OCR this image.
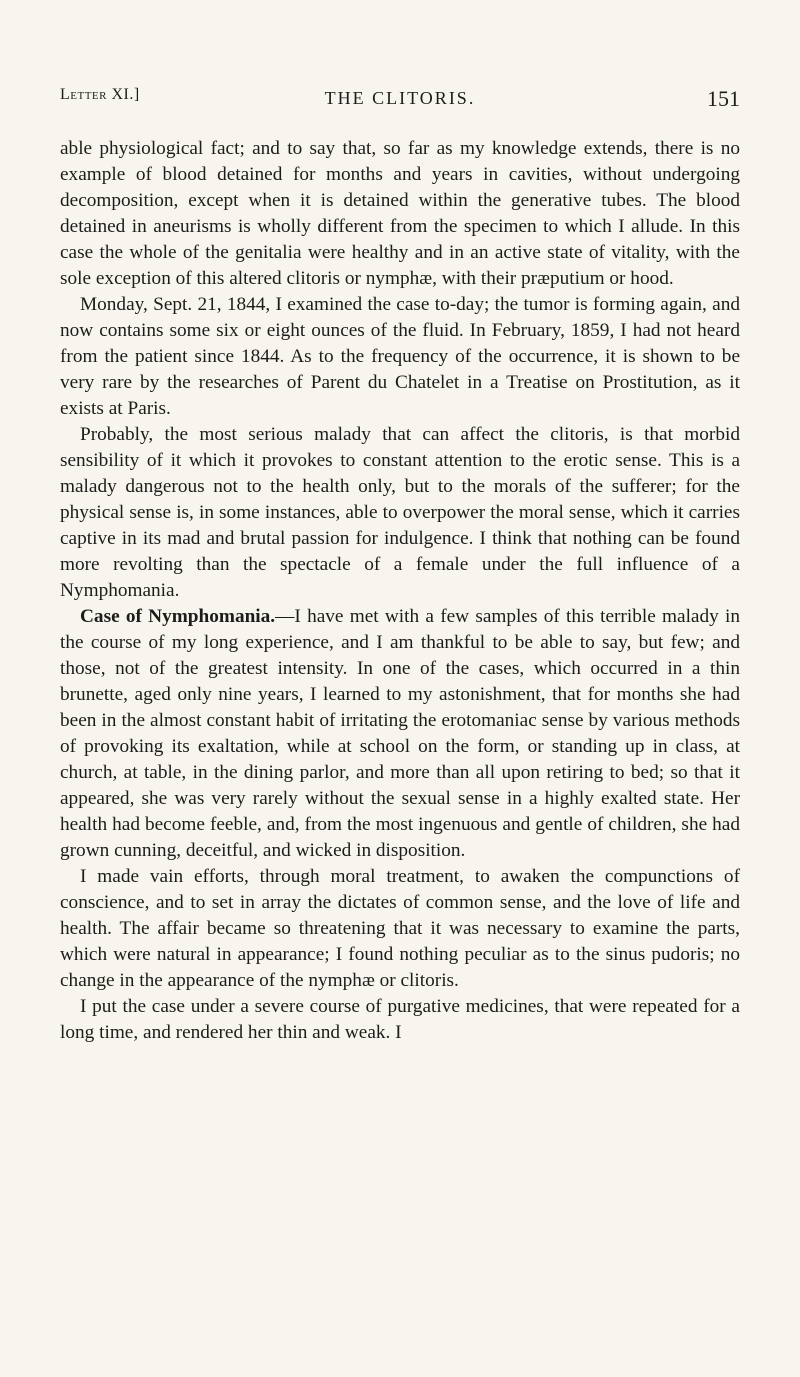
Letter XI.]	THE CLITORIS.	151

able physiological fact; and to say that, so far as my knowledge extends, there is no example of blood detained for months and years in cavities, without undergoing decomposition, except when it is detained within the generative tubes. The blood detained in aneurisms is wholly different from the specimen to which I allude. In this case the whole of the genitalia were healthy and in an active state of vitality, with the sole exception of this altered clitoris or nymphæ, with their præputium or hood.

Monday, Sept. 21, 1844, I examined the case to-day; the tumor is forming again, and now contains some six or eight ounces of the fluid. In February, 1859, I had not heard from the patient since 1844. As to the frequency of the occurrence, it is shown to be very rare by the researches of Parent du Chatelet in a Treatise on Prostitution, as it exists at Paris.

Probably, the most serious malady that can affect the clitoris, is that morbid sensibility of it which it provokes to constant attention to the erotic sense. This is a malady dangerous not to the health only, but to the morals of the sufferer; for the physical sense is, in some instances, able to overpower the moral sense, which it carries captive in its mad and brutal passion for indulgence. I think that nothing can be found more revolting than the spectacle of a female under the full influence of a Nymphomania.

Case of Nymphomania.—I have met with a few samples of this terrible malady in the course of my long experience, and I am thankful to be able to say, but few; and those, not of the greatest intensity. In one of the cases, which occurred in a thin brunette, aged only nine years, I learned to my astonishment, that for months she had been in the almost constant habit of irritating the erotomaniac sense by various methods of provoking its exaltation, while at school on the form, or standing up in class, at church, at table, in the dining parlor, and more than all upon retiring to bed; so that it appeared, she was very rarely without the sexual sense in a highly exalted state. Her health had become feeble, and, from the most ingenuous and gentle of children, she had grown cunning, deceitful, and wicked in disposition.

I made vain efforts, through moral treatment, to awaken the compunctions of conscience, and to set in array the dictates of common sense, and the love of life and health. The affair became so threatening that it was necessary to examine the parts, which were natural in appearance; I found nothing peculiar as to the sinus pudoris; no change in the appearance of the nymphæ or clitoris.

I put the case under a severe course of purgative medicines, that were repeated for a long time, and rendered her thin and weak. I
